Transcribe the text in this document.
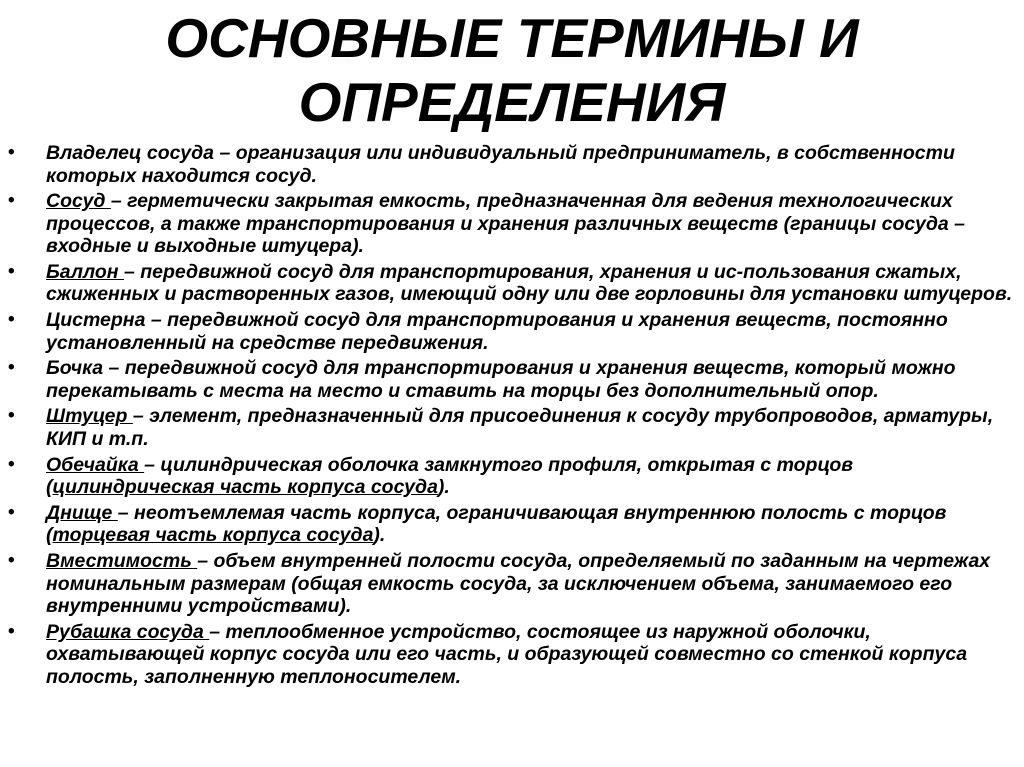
ОСНОВНЫЕ ТЕРМИНЫ И
ОПРЕДЕЛЕНИЯ
• Владелец сосуда – организация или индивидуальный предприниматель, в собственности которых находится сосуд.
• Сосуд – герметически закрытая емкость, предназначенная для ведения технологических процессов, а также транспортирования и хранения различных веществ (границы сосуда – входные и выходные штуцера).
• Баллон – передвижной сосуд для транспортирования, хранения и ис-пользования сжатых, сжиженных и растворенных газов, имеющий одну или две горловины для установки штуцеров.
• Цистерна – передвижной сосуд для транспортирования и хранения веществ, постоянно установленный на средстве передвижения.
• Бочка – передвижной сосуд для транспортирования и хранения веществ, который можно перекатывать с места на место и ставить на торцы без дополнительный опор.
• Штуцер – элемент, предназначенный для присоединения к сосуду трубопроводов, арматуры, КИП и т.п.
• Обечайка – цилиндрическая оболочка замкнутого профиля, открытая с торцов (цилиндрическая часть корпуса сосуда).
• Днище – неотъемлемая часть корпуса, ограничивающая внутреннюю полость с торцов (торцевая часть корпуса сосуда).
• Вместимость – объем внутренней полости сосуда, определяемый по заданным на чертежах номинальным размерам (общая емкость сосуда, за исключением объема, занимаемого его внутренними устройствами).
• Рубашка сосуда – теплообменное устройство, состоящее из наружной оболочки, охватывающей корпус сосуда или его часть, и образующей совместно со стенкой корпуса полость, заполненную теплоносителем.
